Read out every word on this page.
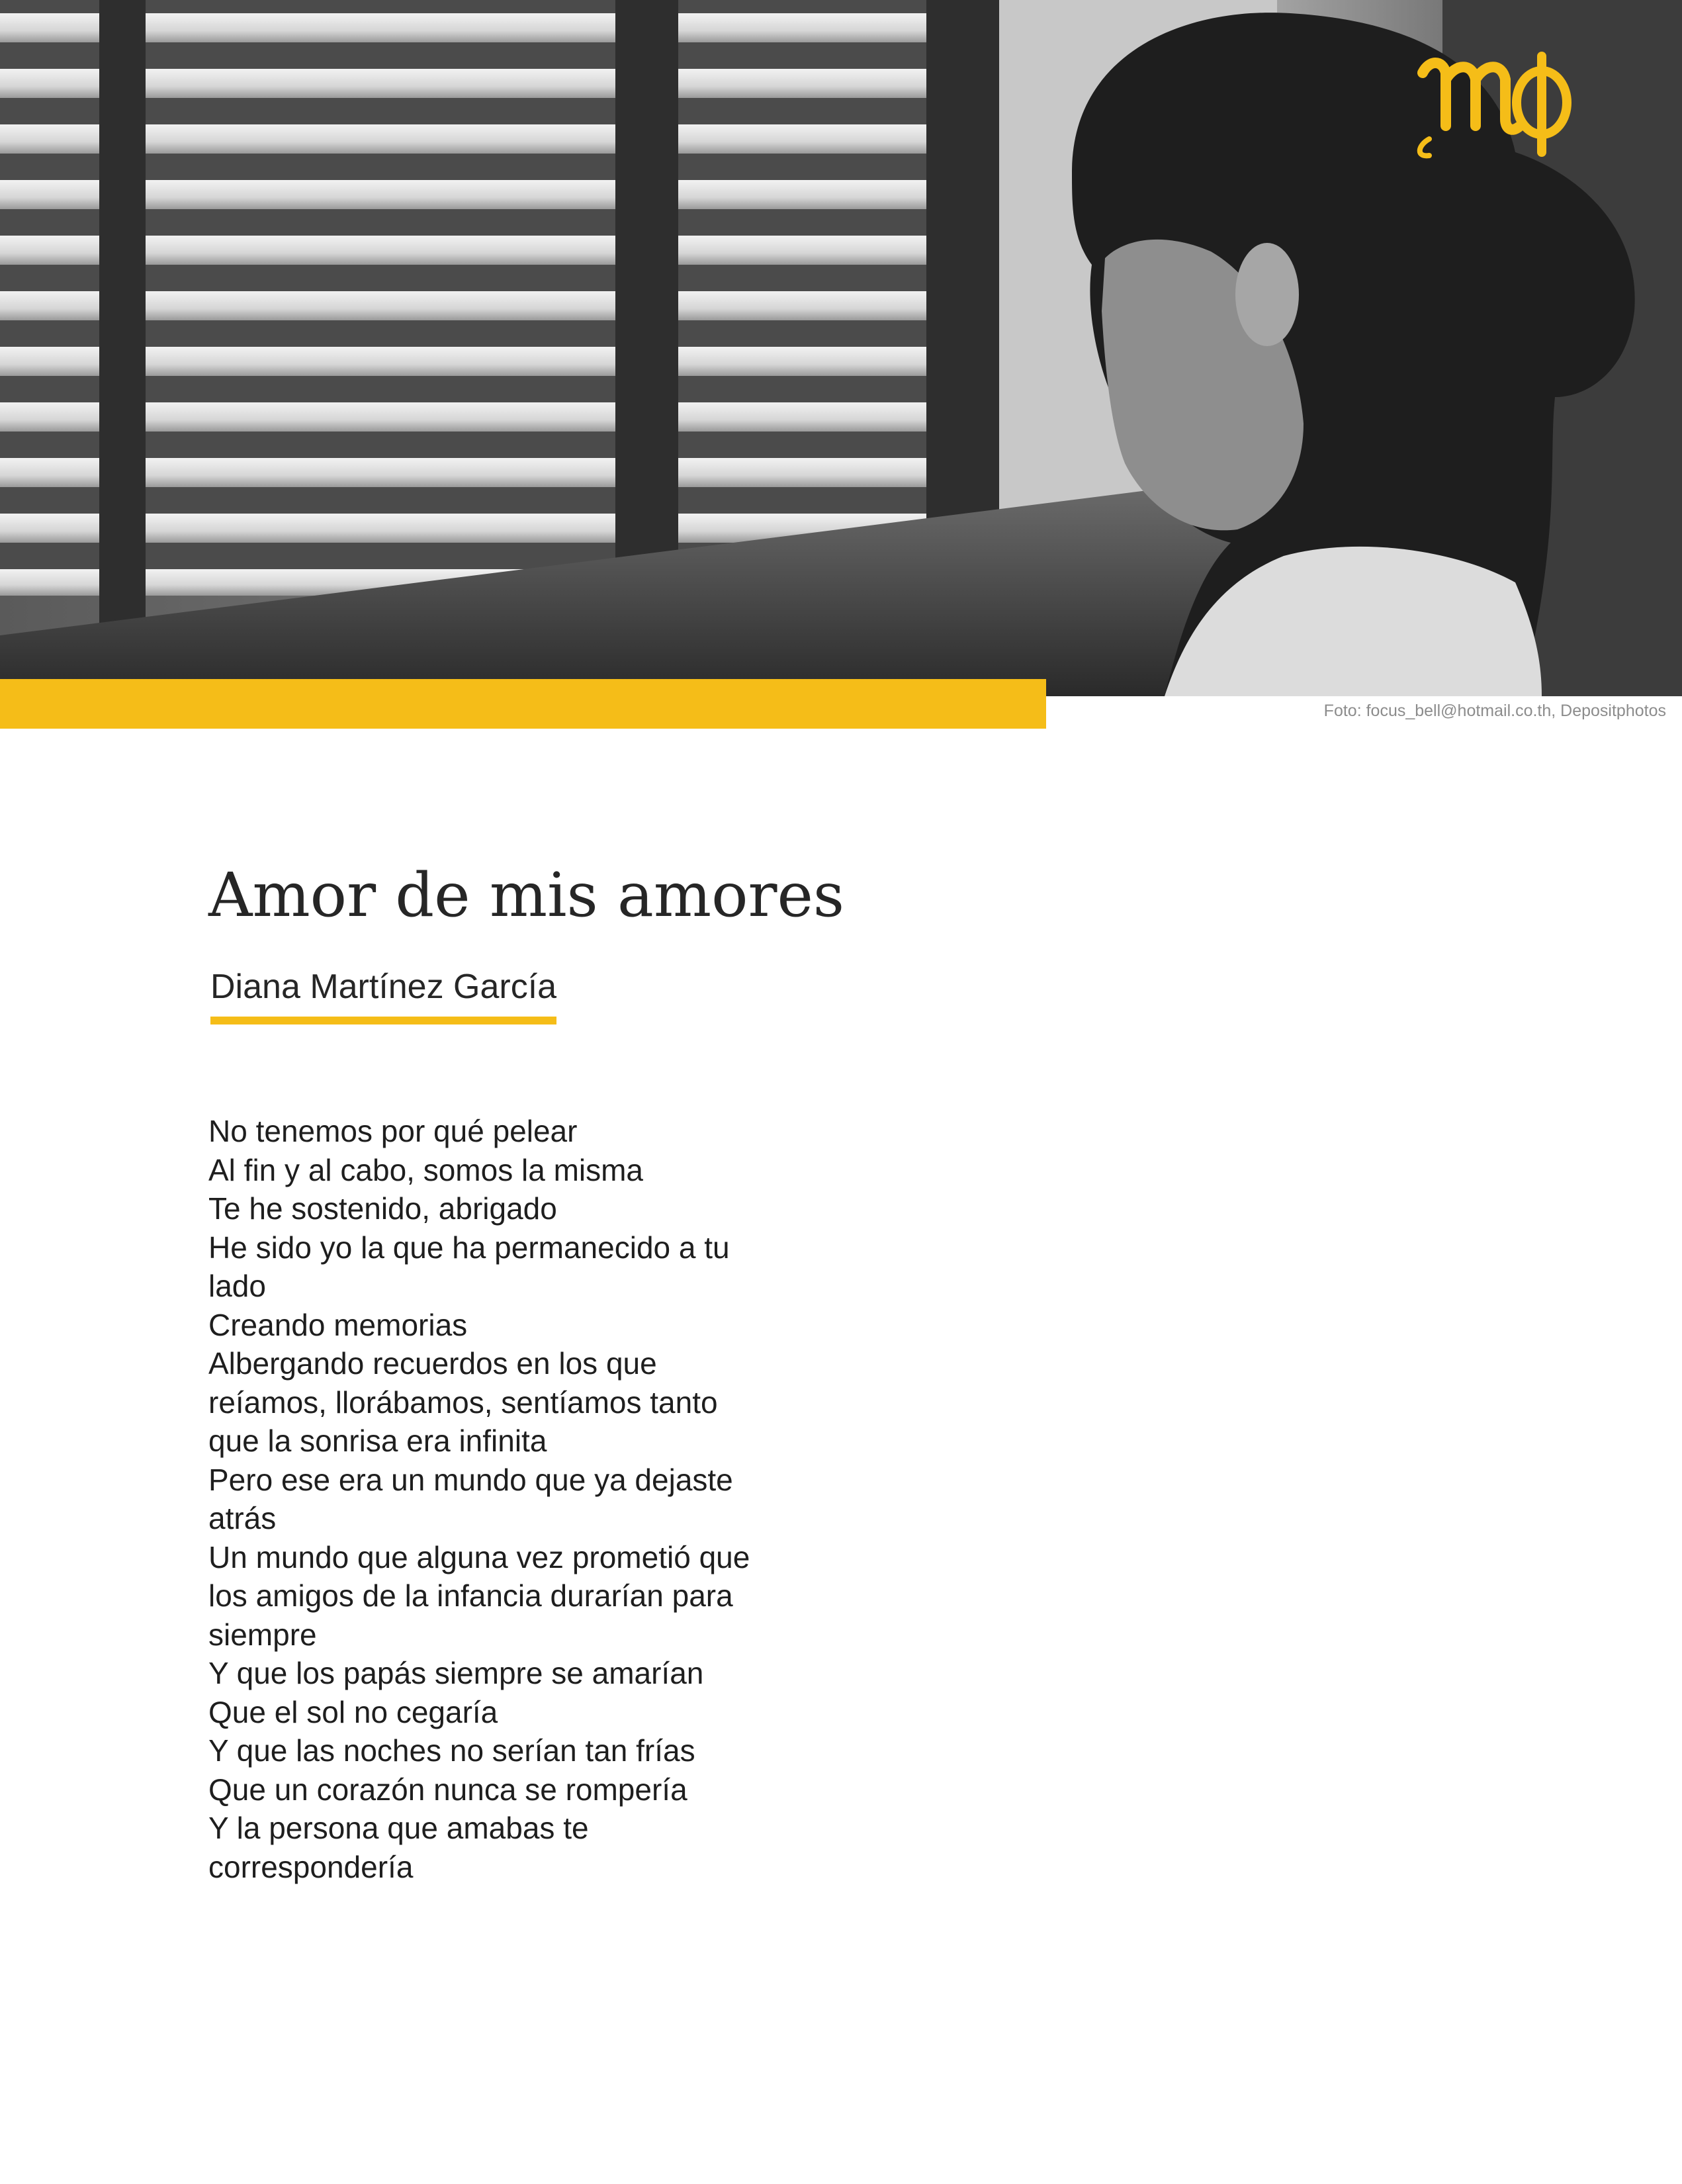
Foto: focus_bell@hotmail.co.th, Depositphotos
Amor de mis amores

Diana Martínez García

No tenemos por qué pelear
Al fin y al cabo, somos la misma
Te he sostenido, abrigado
He sido yo la que ha permanecido a tu
lado
Creando memorias
Albergando recuerdos en los que
reíamos, llorábamos, sentíamos tanto
que la sonrisa era infinita
Pero ese era un mundo que ya dejaste
atrás
Un mundo que alguna vez prometió que
los amigos de la infancia durarían para
siempre
Y que los papás siempre se amarían
Que el sol no cegaría
Y que las noches no serían tan frías
Que un corazón nunca se rompería
Y la persona que amabas te
correspondería
